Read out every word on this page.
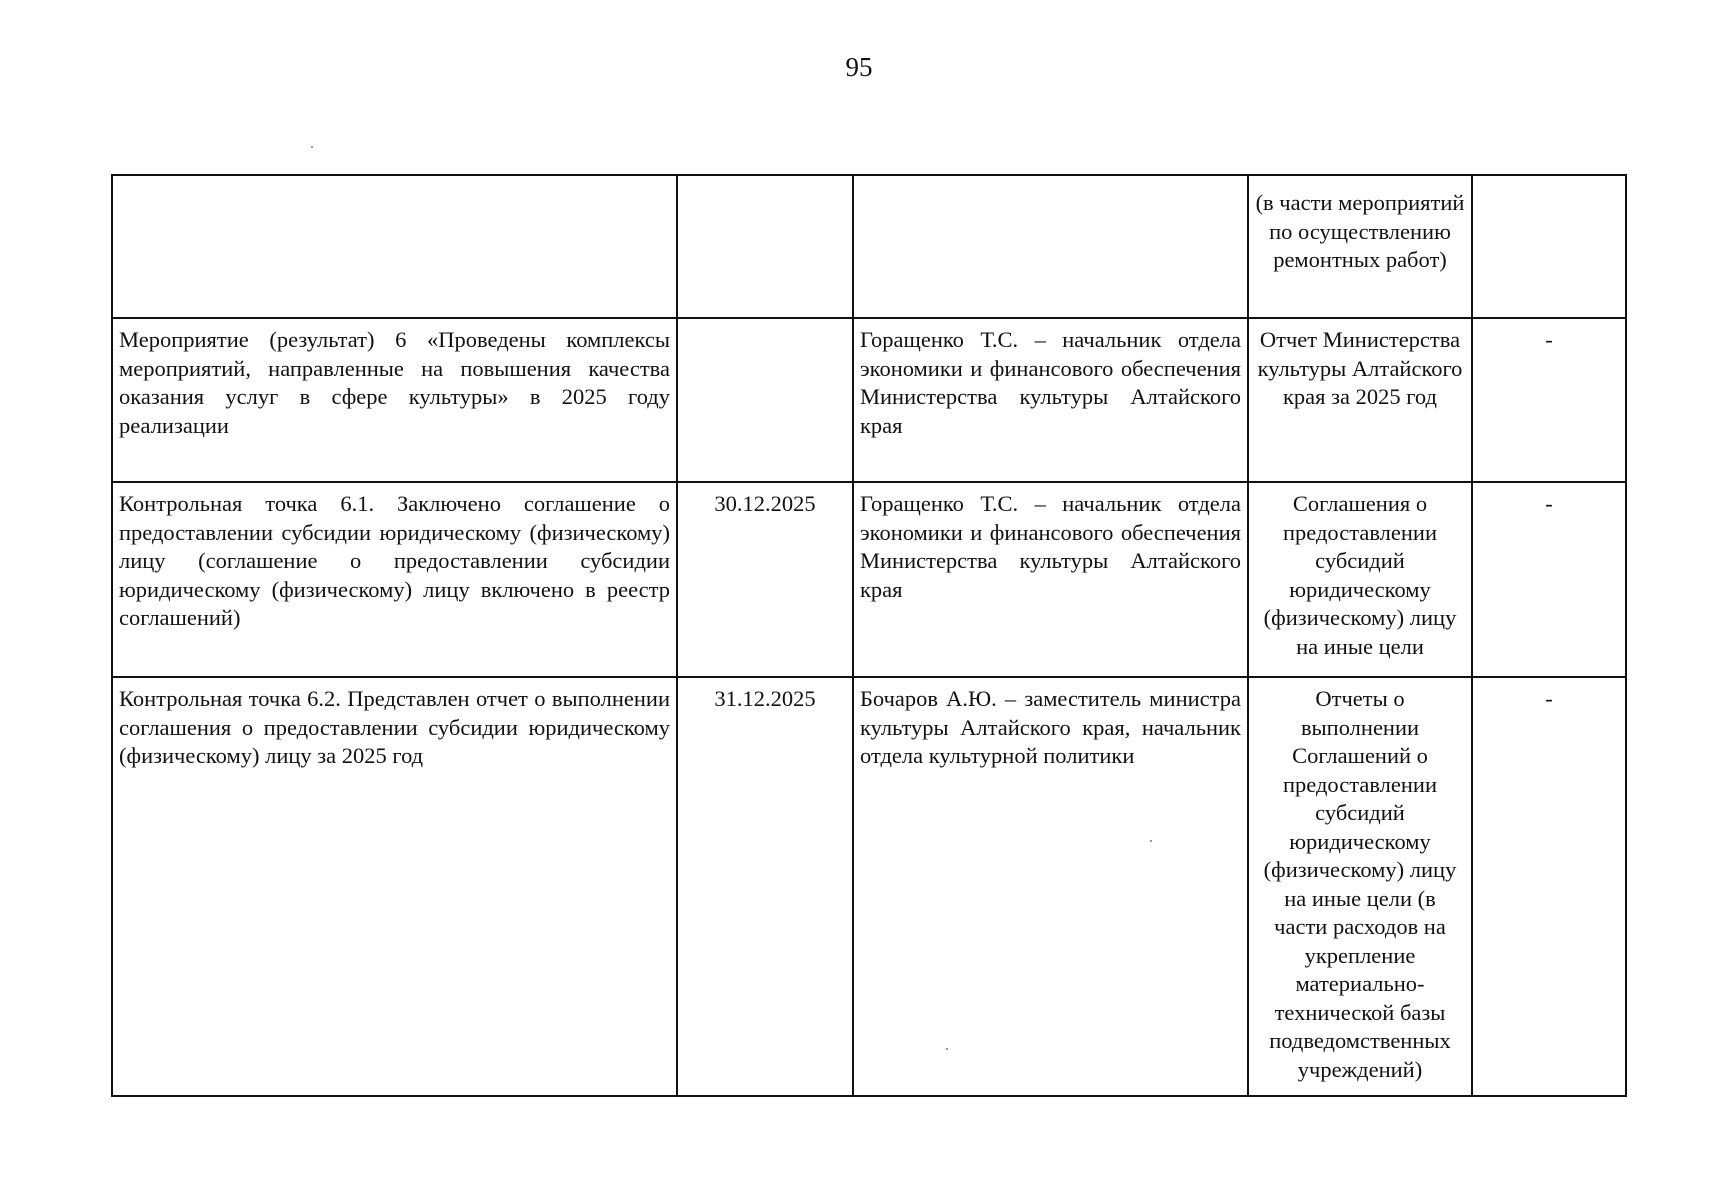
95
			(в части мероприятий по осуществлению ремонтных работ)	
Мероприятие (результат) 6 «Проведены комплексы мероприятий, направленные на повышения качества оказания услуг в сфере культуры» в 2025 году реализации		Горащенко Т.С. – начальник отдела экономики и финансового обеспечения Министерства культуры Алтайского края	Отчет Министерства культуры Алтайского края за 2025 год	-
Контрольная точка 6.1. Заключено соглашение о предоставлении субсидии юридическому (физическому) лицу (соглашение о предоставлении субсидии юридическому (физическому) лицу включено в реестр соглашений)	30.12.2025	Горащенко Т.С. – начальник отдела экономики и финансового обеспечения Министерства культуры Алтайского края	Соглашения о предоставлении субсидий юридическому (физическому) лицу на иные цели	-
Контрольная точка 6.2. Представлен отчет о выполнении соглашения о предоставлении субсидии юридическому (физическому) лицу за 2025 год	31.12.2025	Бочаров А.Ю. – заместитель министра культуры Алтайского края, начальник отдела культурной политики	Отчеты о выполнении Соглашений о предоставлении субсидий юридическому (физическому) лицу на иные цели (в части расходов на укрепление материально-технической базы подведомственных учреждений)	-
